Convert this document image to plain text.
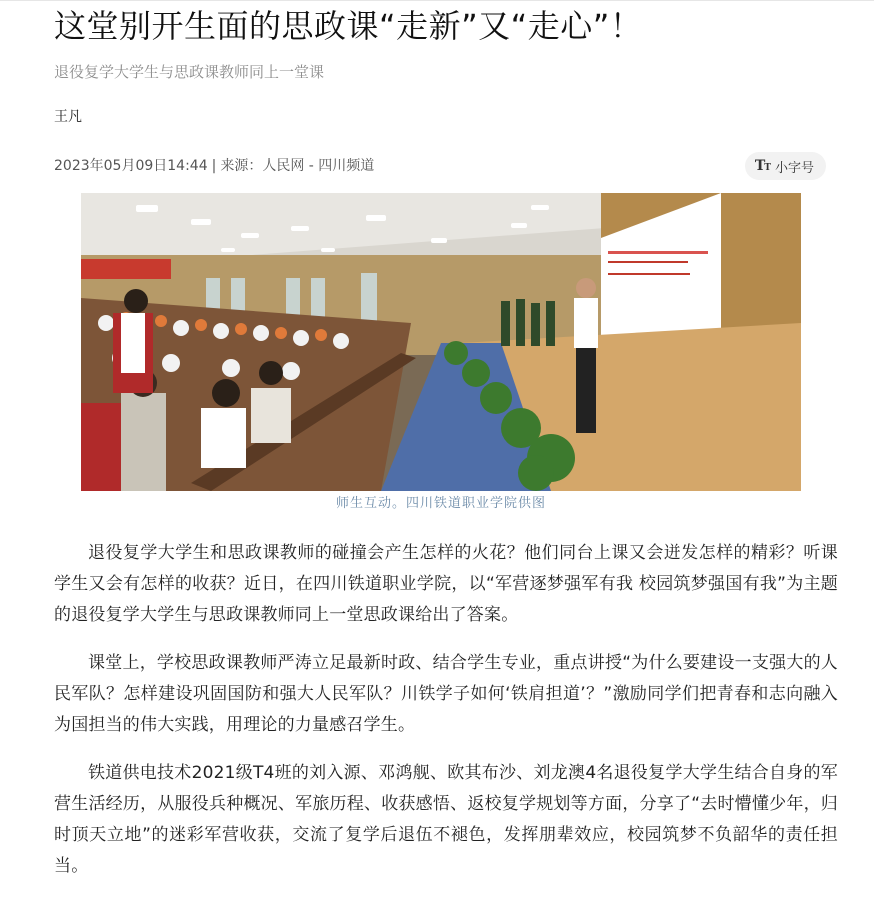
这堂别开生面的思政课“走新”又“走心”！
退役复学大学生与思政课教师同上一堂课
王凡
2023年05月09日14:44 | 来源：人民网 - 四川频道	TT 小字号
师生互动。四川铁道职业学院供图

退役复学大学生和思政课教师的碰撞会产生怎样的火花？他们同台上课又会迸发怎样的精彩？听课学生又会有怎样的收获？近日，在四川铁道职业学院，以“军营逐梦强军有我 校园筑梦强国有我”为主题的退役复学大学生与思政课教师同上一堂思政课给出了答案。

课堂上，学校思政课教师严涛立足最新时政、结合学生专业，重点讲授“为什么要建设一支强大的人民军队？怎样建设巩固国防和强大人民军队？川铁学子如何‘铁肩担道’？”激励同学们把青春和志向融入为国担当的伟大实践，用理论的力量感召学生。

铁道供电技术2021级T4班的刘入源、邓鸿舰、欧其布沙、刘龙澳4名退役复学大学生结合自身的军营生活经历，从服役兵种概况、军旅历程、收获感悟、返校复学规划等方面，分享了“去时懵懂少年，归时顶天立地”的迷彩军营收获，交流了复学后退伍不褪色，发挥朋辈效应，校园筑梦不负韶华的责任担当。
